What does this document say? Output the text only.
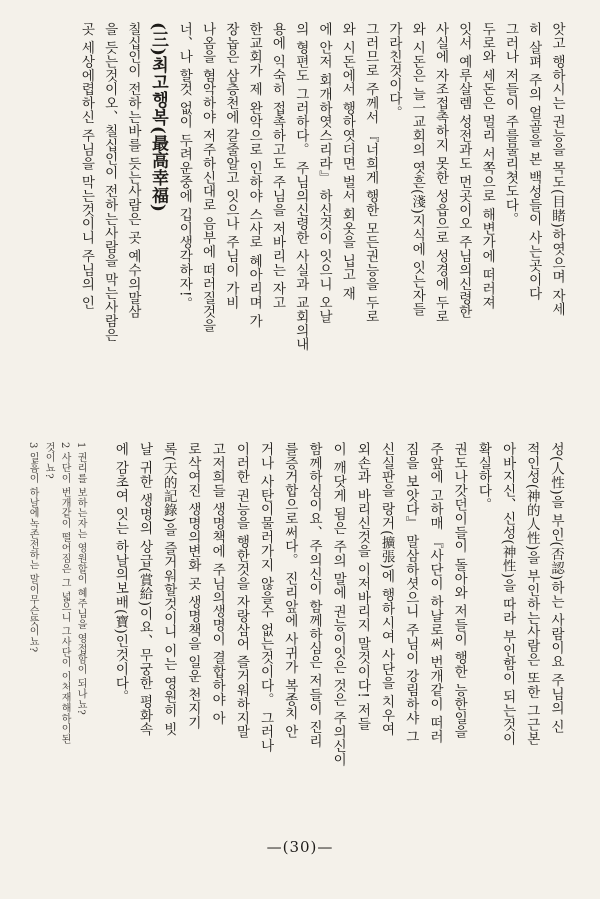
앗고 행하시는 권능을 목도(目睹)하엿으며 자세
히 살펴 주의 얼골을 본 백성들이 사는곳이다
그러나 저들이 주를물리쳣도다。
두로와 세돈은 멀리 서쪽으로 해변가에 떠러져
잇서 예루살렘 성전과도 먼곳이오 주님의신령한
사실에 자조접촉하지 못한 성읍으로 성경에 두로
와 시돈은 늘一교회의 엿흔(淺)지식에 잇는자들
가라친것이다。
그러므로 주께서 『너희게 행한 모든권능을 두로
와 시돈에서 행하엿더면 벌서 회옷을 닙고 재
에 안저 회개하엿스리라』 하신것이 잇으니 오날
의 형편도 그러하다。 주님의신령한 사실과 교회의내
용에 익숙히 접촉하고도 주님을 저바리는 자고
한교회가 제 완악으로 인하야 스사로 혜아리며 가
장놉은 삼층천에 갈줄알고 잇으나 주님이 가비
나옴을 혐악하야 저주하신대로 음부에 떠러질것을
너、나 할것 없이 두려운중에 깁이생각하자!。
(三)최고행복(最高幸福)
칠십인이 전하는바를 듯는사람은 곳 예수의말삼
을 듯는것이오、칠십인이 전하는사람을 막는사람은
곳 세상에렵하신 주님을 막는것이니 주님의 인
성(人性)을 부인(否認)하는 사람이요 주님의 신
적인성(神的人性)을 부인하는사람은 또한 그근본
아바지신、신성(神性)을 따라 부인함이 되는것이
확실하다。
권도나갓던이들이 돌아와 저들이 행한 능한일을
주앞에 고하매 『사단이 하날로써 번개같이 떠러
짐을 보앗다』 말삼하셧으니 주님이 강림하샤 그
신실판을 랑거(擴張)에 행하시여 사단을 치우여
외손과 바리신것을 이저바리지 말것이다! 저들
이 깨닷게 됨은 주의 말에 권능이잇은 것은 주의신이
함께하심이요、주의신이 함께하심은 저들이 진리
를증거합으로써다。 진리앞에 사귀가 복종치 안
거나 사탄이물러가지 않을수 없는것이다。 그러나
이러한 권능을 행한것을 자랑삼어 즐거워하지말
고저희들 생명책에 주님의생명이 결합하야 아
로삭여진 생명의변화 곳 생명책을 일운 천지기
록(天的記錄)을 즐거워할것이니 이는 영원히 빗
날 귀한 생명의 상급(賞給)이요、무궁한 평화속
에 감초여 잇는 하날의보배(寶)인것이다。
1 권리를 보하는자는 영원할이 혜주님을 영접함이 되나뇨?
2 사단이 번개같이 떨어짐은 그 넓으니 그사단이 이처재해하이된
것이뇨?
3 일흠이 하날에녹존전하는 말이무슨뜻이뇨?
—(30)—
